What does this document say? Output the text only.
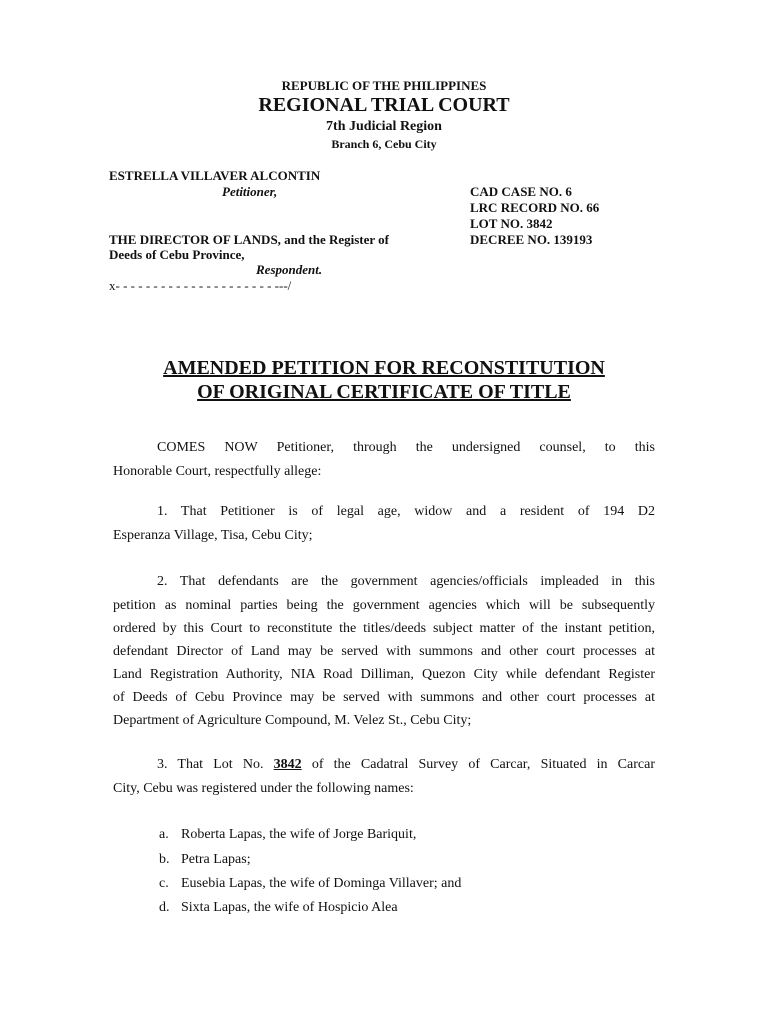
REPUBLIC OF THE PHILIPPINES
REGIONAL TRIAL COURT
7th Judicial Region
Branch 6, Cebu City
ESTRELLA VILLAVER ALCONTIN
Petitioner,
THE DIRECTOR OF LANDS, and the Register of
Deeds of Cebu Province,
Respondent.
x- - - - - - - - - - - - - - - - - - - - - ---/
CAD CASE NO. 6
LRC RECORD NO. 66
LOT NO. 3842
DECREE NO. 139193
AMENDED PETITION FOR RECONSTITUTION
OF ORIGINAL CERTIFICATE OF TITLE
COMES NOW Petitioner, through the undersigned counsel, to this
Honorable Court, respectfully allege:
1. That Petitioner is of legal age, widow and a resident of 194 D2
Esperanza Village, Tisa, Cebu City;
2. That defendants are the government agencies/officials impleaded in this
petition as nominal parties being the government agencies which will be subsequently
ordered by this Court to reconstitute the titles/deeds subject matter of the instant petition,
defendant Director of Land may be served with summons and other court processes at
Land Registration Authority, NIA Road Dilliman, Quezon City while defendant Register
of Deeds of Cebu Province may be served with summons and other court processes at
Department of Agriculture Compound, M. Velez St., Cebu City;
3. That Lot No. 3842 of the Cadatral Survey of Carcar, Situated in Carcar
City, Cebu was registered under the following names:
a. Roberta Lapas, the wife of Jorge Bariquit,
b. Petra Lapas;
c. Eusebia Lapas, the wife of Dominga Villaver; and
d. Sixta Lapas, the wife of Hospicio Alea
